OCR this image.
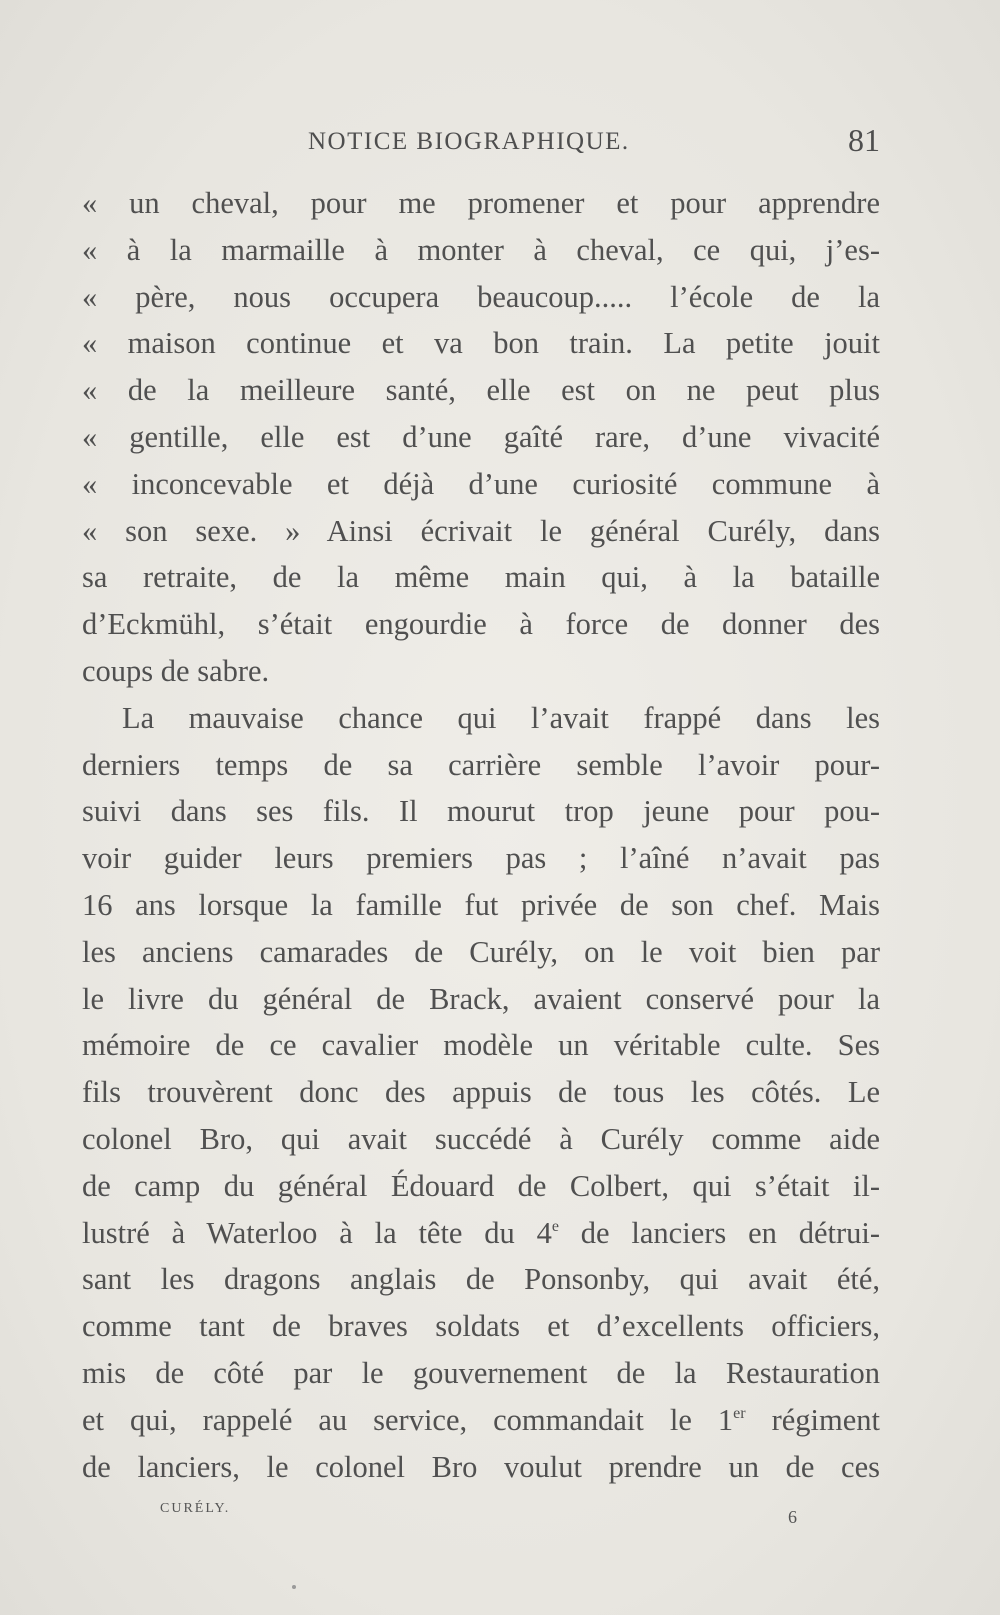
NOTICE BIOGRAPHIQUE.	81
« un cheval, pour me promener et pour apprendre
« à la marmaille à monter à cheval, ce qui, j’es-
« père, nous occupera beaucoup..... l’école de la
« maison continue et va bon train. La petite jouit
« de la meilleure santé, elle est on ne peut plus
« gentille, elle est d’une gaîté rare, d’une vivacité
« inconcevable et déjà d’une curiosité commune à
« son sexe. » Ainsi écrivait le général Curély, dans
sa retraite, de la même main qui, à la bataille
d’Eckmühl, s’était engourdie à force de donner des
coups de sabre.
La mauvaise chance qui l’avait frappé dans les
derniers temps de sa carrière semble l’avoir pour-
suivi dans ses fils. Il mourut trop jeune pour pou-
voir guider leurs premiers pas ; l’aîné n’avait pas
16 ans lorsque la famille fut privée de son chef. Mais
les anciens camarades de Curély, on le voit bien par
le livre du général de Brack, avaient conservé pour la
mémoire de ce cavalier modèle un véritable culte. Ses
fils trouvèrent donc des appuis de tous les côtés. Le
colonel Bro, qui avait succédé à Curély comme aide
de camp du général Édouard de Colbert, qui s’était il-
lustré à Waterloo à la tête du 4e de lanciers en détrui-
sant les dragons anglais de Ponsonby, qui avait été,
comme tant de braves soldats et d’excellents officiers,
mis de côté par le gouvernement de la Restauration
et qui, rappelé au service, commandait le 1er régiment
de lanciers, le colonel Bro voulut prendre un de ces
CURÉLY.	6
